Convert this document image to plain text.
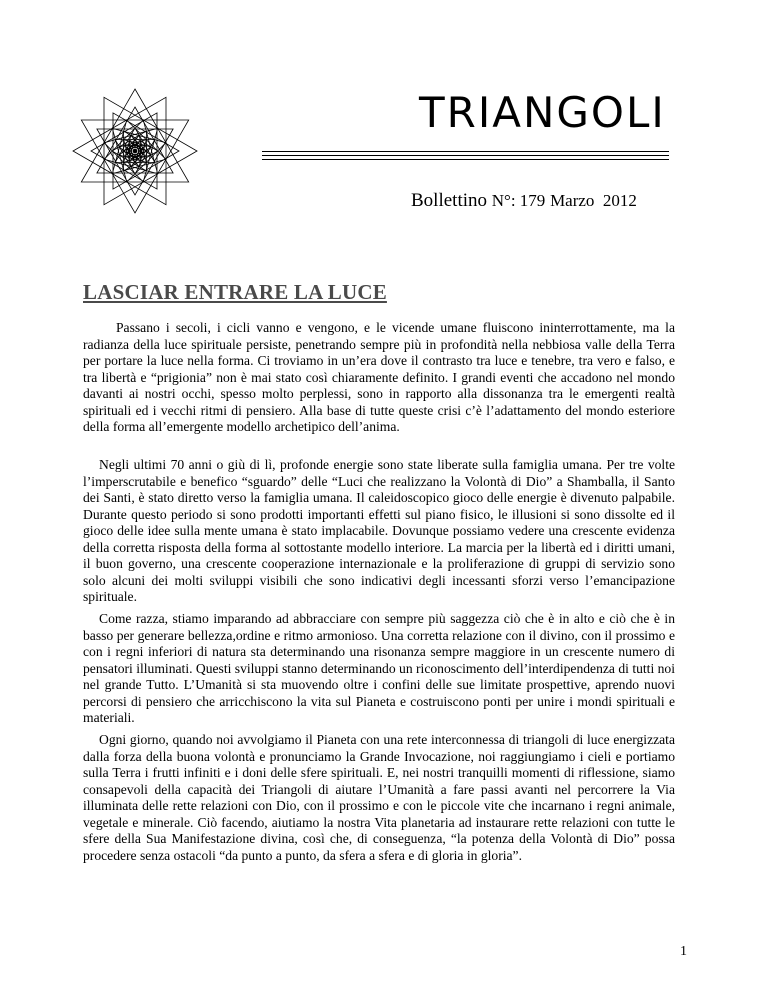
TRIANGOLI
Bollettino N°: 179 Marzo  2012
LASCIAR ENTRARE LA LUCE

Passano i secoli, i cicli vanno e vengono, e le vicende umane fluiscono ininterrottamente, ma la radianza della luce spirituale persiste, penetrando sempre più in profondità nella nebbiosa valle della Terra per portare la luce nella forma. Ci troviamo in un’era dove il contrasto tra luce e tenebre, tra vero e falso, e tra libertà e “prigionia” non è mai stato così chiaramente definito. I grandi eventi che accadono nel mondo davanti ai nostri occhi, spesso molto perplessi, sono in rapporto alla dissonanza tra le emergenti realtà spirituali ed i vecchi ritmi di pensiero. Alla base di tutte queste crisi c’è l’adattamento del mondo esteriore della forma all’emergente modello archetipico dell’anima.

Negli ultimi 70 anni o giù di lì, profonde energie sono state liberate sulla famiglia umana. Per tre volte l’imperscrutabile e benefico “sguardo” delle “Luci che realizzano la Volontà di Dio” a Shamballa, il Santo dei Santi, è stato diretto verso la famiglia umana. Il caleidoscopico gioco delle energie è divenuto palpabile. Durante questo periodo si sono prodotti importanti effetti sul piano fisico, le illusioni si sono dissolte ed il gioco delle idee sulla mente umana è stato implacabile. Dovunque possiamo vedere una crescente evidenza della corretta risposta della forma al sottostante modello interiore. La marcia per la libertà ed i diritti umani, il buon governo, una crescente cooperazione internazionale e la proliferazione di gruppi di servizio sono solo alcuni dei molti sviluppi visibili che sono indicativi degli incessanti sforzi verso l’emancipazione spirituale.

Come razza, stiamo imparando ad abbracciare con sempre più saggezza ciò che è in alto e ciò che è in basso per generare bellezza,ordine e ritmo armonioso. Una corretta relazione con il divino, con il prossimo e con i regni inferiori di natura sta determinando una risonanza sempre maggiore in un crescente numero di pensatori illuminati. Questi sviluppi stanno determinando un riconoscimento dell’interdipendenza di tutti noi nel grande Tutto. L’Umanità si sta muovendo oltre i confini delle sue limitate prospettive, aprendo nuovi percorsi di pensiero che arricchiscono la vita sul Pianeta e costruiscono ponti per unire i mondi spirituali e materiali.

Ogni giorno, quando noi avvolgiamo il Pianeta con una rete interconnessa di triangoli di luce energizzata dalla forza della buona volontà e pronunciamo la Grande Invocazione, noi raggiungiamo i cieli e portiamo sulla Terra i frutti infiniti e i doni delle sfere spirituali. E, nei nostri tranquilli momenti di riflessione, siamo consapevoli della capacità dei Triangoli di aiutare l’Umanità a fare passi avanti nel percorrere la Via illuminata delle rette relazioni con Dio, con il prossimo e con le piccole vite che incarnano i regni animale, vegetale e minerale. Ciò facendo, aiutiamo la nostra Vita planetaria ad instaurare rette relazioni con tutte le sfere della Sua Manifestazione divina, così che, di conseguenza, “la potenza della Volontà di Dio” possa procedere senza ostacoli “da punto a punto, da sfera a sfera e di gloria in gloria”.

1
